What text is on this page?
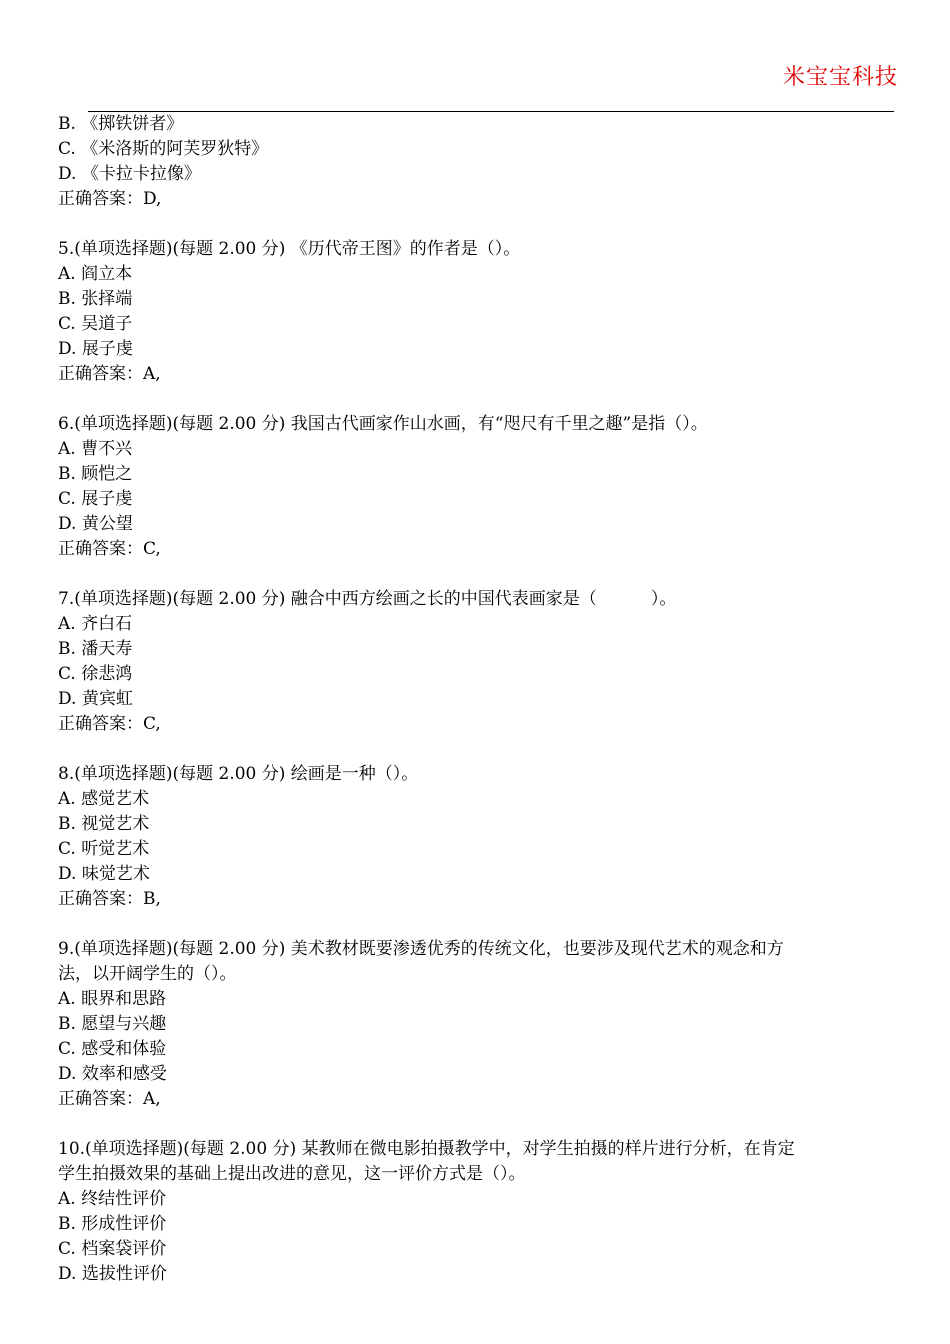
米宝宝科技
B. 《掷铁饼者》
C. 《米洛斯的阿芙罗狄特》
D. 《卡拉卡拉像》
正确答案：D,
5.(单项选择题)(每题 2.00 分) 《历代帝王图》的作者是（）。
A. 阎立本
B. 张择端
C. 吴道子
D. 展子虔
正确答案：A,
6.(单项选择题)(每题 2.00 分) 我国古代画家作山水画，有“咫尺有千里之趣”是指（）。
A. 曹不兴
B. 顾恺之
C. 展子虔
D. 黄公望
正确答案：C,
7.(单项选择题)(每题 2.00 分) 融合中西方绘画之长的中国代表画家是（          ）。
A. 齐白石
B. 潘天寿
C. 徐悲鸿
D. 黄宾虹
正确答案：C,
8.(单项选择题)(每题 2.00 分) 绘画是一种（）。
A. 感觉艺术
B. 视觉艺术
C. 听觉艺术
D. 味觉艺术
正确答案：B,
9.(单项选择题)(每题 2.00 分) 美术教材既要渗透优秀的传统文化，也要涉及现代艺术的观念和方
法，以开阔学生的（）。
A. 眼界和思路
B. 愿望与兴趣
C. 感受和体验
D. 效率和感受
正确答案：A,
10.(单项选择题)(每题 2.00 分) 某教师在微电影拍摄教学中，对学生拍摄的样片进行分析，在肯定
学生拍摄效果的基础上提出改进的意见，这一评价方式是（）。
A. 终结性评价
B. 形成性评价
C. 档案袋评价
D. 选拔性评价
